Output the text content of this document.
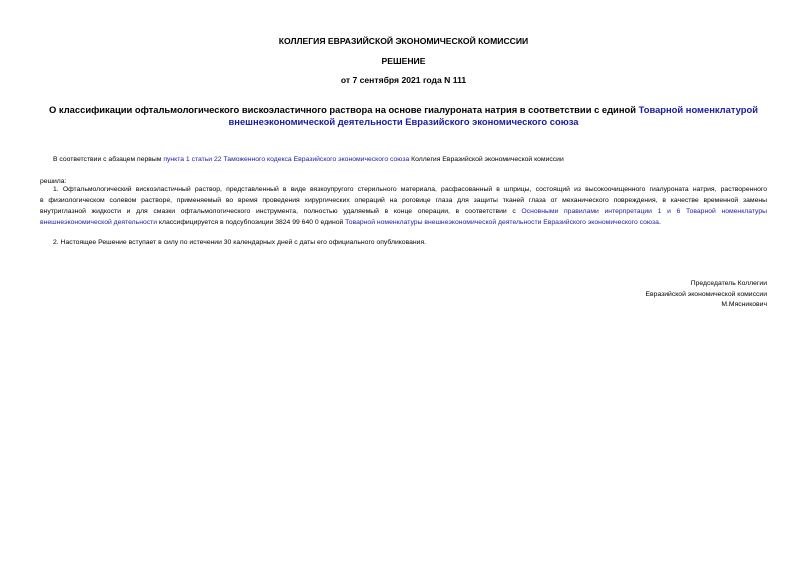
КОЛЛЕГИЯ ЕВРАЗИЙСКОЙ ЭКОНОМИЧЕСКОЙ КОМИССИИ
РЕШЕНИЕ
от 7 сентября 2021 года N 111
О классификации офтальмологического вискоэластичного раствора на основе гиалуроната натрия в соответствии с единой Товарной номенклатурой
внешнеэкономической деятельности Евразийского экономического союза
В соответствии с абзацем первым пункта 1 статьи 22 Таможенного кодекса Евразийского экономического союза Коллегия Евразийской экономической комиссии
решила:
1. Офтальмологический вискоэластичный раствор, представленный в виде вязкоупругого стерильного материала, расфасованный в шприцы, состоящий из высокоочищенного гиалуроната натрия, растворенного
в физиологическом солевом растворе, применяемый во время проведения хирургических операций на роговице глаза для защиты тканей глаза от механического повреждения, в качестве временной замены
внутриглазной жидкости и для смазки офтальмологического инструмента, полностью удаляемый в конце операции, в соответствии с Основными правилами интерпретации 1 и 6 Товарной номенклатуры
внешнеэкономической деятельности классифицируется в подсубпозиции 3824 99 640 0 единой Товарной номенклатуры внешнеэкономической деятельности Евразийского экономического союза.
2. Настоящее Решение вступает в силу по истечении 30 календарных дней с даты его официального опубликования.
Председатель Коллегии
Евразийской экономической комиссии
М.Мясникович
